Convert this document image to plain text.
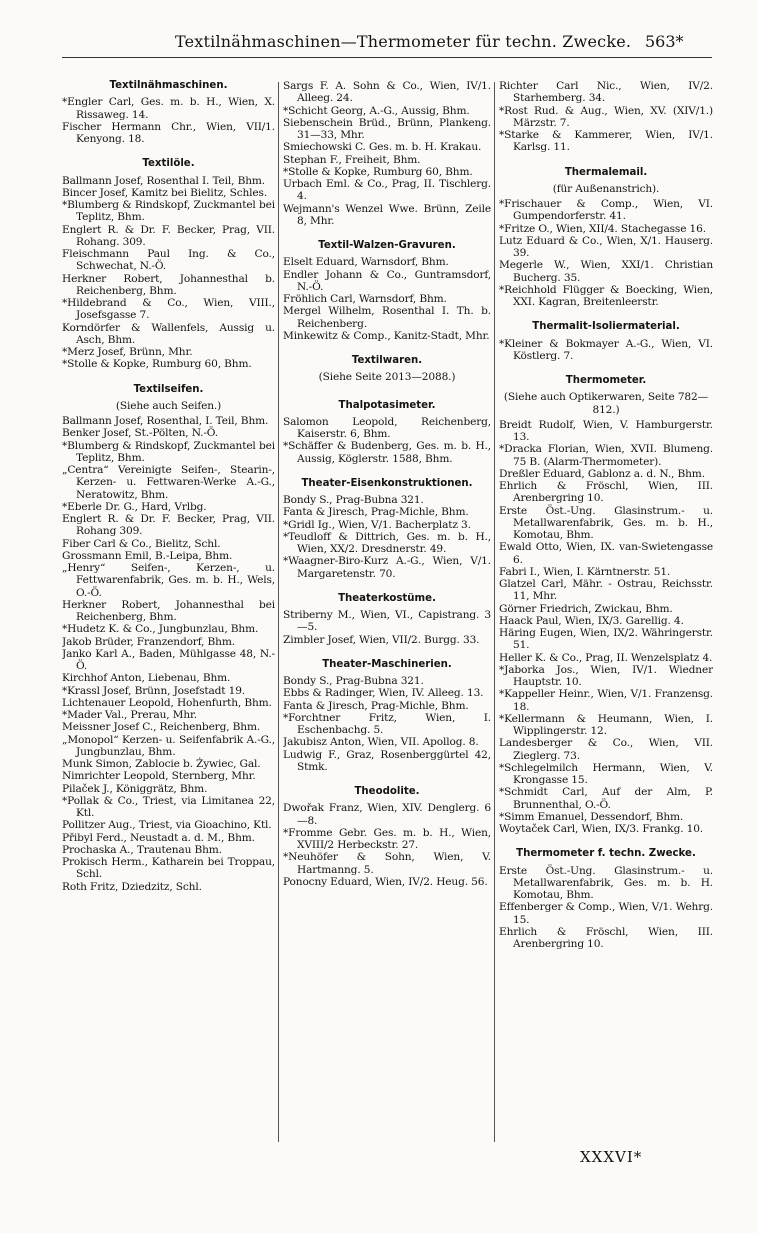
Textilnähmaschinen—Thermometer für techn. Zwecke. 563*
Textilnähmaschinen.
*Engler Carl, Ges. m. b. H., Wien, X. Rissaweg. 14.
Fischer Hermann Chr., Wien, VII/1. Kenyong. 18.
Textilöle.
Ballmann Josef, Rosenthal I. Teil, Bhm.
Bincer Josef, Kamitz bei Bielitz, Schles.
*Blumberg & Rindskopf, Zuckmantel bei Teplitz, Bhm.
Englert R. & Dr. F. Becker, Prag, VII. Rohang. 309.
Fleischmann Paul Ing. & Co., Schwechat, N.-Ö.
Herkner Robert, Johannesthal b. Reichenberg, Bhm.
*Hildebrand & Co., Wien, VIII., Josefsgasse 7.
Korndörfer & Wallenfels, Aussig u. Asch, Bhm.
*Merz Josef, Brünn, Mhr.
*Stolle & Kopke, Rumburg 60, Bhm.
Textilseifen.
(Siehe auch Seifen.)
Ballmann Josef, Rosenthal, I. Teil, Bhm.
Benker Josef, St.-Pölten, N.-Ö.
*Blumberg & Rindskopf, Zuckmantel bei Teplitz, Bhm.
„Centra“ Vereinigte Seifen-, Stearin-, Kerzen- u. Fettwaren-Werke A.-G., Neratowitz, Bhm.
*Eberle Dr. G., Hard, Vrlbg.
Englert R. & Dr. F. Becker, Prag, VII. Rohang 309.
Fiber Carl & Co., Bielitz, Schl.
Grossmann Emil, B.-Leipa, Bhm.
„Henry“ Seifen-, Kerzen-, u. Fettwarenfabrik, Ges. m. b. H., Wels, O.-Ö.
Herkner Robert, Johannesthal bei Reichenberg, Bhm.
*Hudetz K. & Co., Jungbunzlau, Bhm.
Jakob Brüder, Franzendorf, Bhm.
Janko Karl A., Baden, Mühlgasse 48, N.-Ö.
Kirchhof Anton, Liebenau, Bhm.
*Krassl Josef, Brünn, Josefstadt 19.
Lichtenauer Leopold, Hohenfurth, Bhm.
*Mader Val., Prerau, Mhr.
Meissner Josef C., Reichenberg, Bhm.
„Monopol“ Kerzen- u. Seifenfabrik A.-G., Jungbunzlau, Bhm.
Munk Simon, Zablocie b. Żywiec, Gal.
Nimrichter Leopold, Sternberg, Mhr.
Pilaček J., Königgrätz, Bhm.
*Pollak & Co., Triest, via Limitanea 22, Ktl.
Pollitzer Aug., Triest, via Gioachino, Ktl.
Přibyl Ferd., Neustadt a. d. M., Bhm.
Prochaska A., Trautenau Bhm.
Prokisch Herm., Katharein bei Troppau, Schl.
Roth Fritz, Dziedzitz, Schl.
Sargs F. A. Sohn & Co., Wien, IV/1. Alleeg. 24.
*Schicht Georg, A.-G., Aussig, Bhm.
Siebenschein Brüd., Brünn, Plankeng. 31—33, Mhr.
Smiechowski C. Ges. m. b. H. Krakau.
Stephan F., Freiheit, Bhm.
*Stolle & Kopke, Rumburg 60, Bhm.
Urbach Eml. & Co., Prag, II. Tischlerg. 4.
Wejmann's Wenzel Wwe. Brünn, Zeile 8, Mhr.
Textil-Walzen-Gravuren.
Elselt Eduard, Warnsdorf, Bhm.
Endler Johann & Co., Guntramsdorf, N.-Ö.
Fröhlich Carl, Warnsdorf, Bhm.
Mergel Wilhelm, Rosenthal I. Th. b. Reichenberg.
Minkewitz & Comp., Kanitz-Stadt, Mhr.
Textilwaren.
(Siehe Seite 2013—2088.)
Thalpotasimeter.
Salomon Leopold, Reichenberg, Kaiserstr. 6, Bhm.
*Schäffer & Budenberg, Ges. m. b. H., Aussig, Köglerstr. 1588, Bhm.
Theater-Eisenkonstruktionen.
Bondy S., Prag-Bubna 321.
Fanta & Jiresch, Prag-Michle, Bhm.
*Gridl Ig., Wien, V/1. Bacherplatz 3.
*Teudloff & Dittrich, Ges. m. b. H., Wien, XX/2. Dresdnerstr. 49.
*Waagner-Biro-Kurz A.-G., Wien, V/1. Margaretenstr. 70.
Theaterkostüme.
Striberny M., Wien, VI., Capistrang. 3—5.
Zimbler Josef, Wien, VII/2. Burgg. 33.
Theater-Maschinerien.
Bondy S., Prag-Bubna 321.
Ebbs & Radinger, Wien, IV. Alleeg. 13.
Fanta & Jiresch, Prag-Michle, Bhm.
*Forchtner Fritz, Wien, I. Eschenbachg. 5.
Jakubisz Anton, Wien, VII. Apollog. 8.
Ludwig F., Graz, Rosenberggürtel 42, Stmk.
Theodolite.
Dwořak Franz, Wien, XIV. Denglerg. 6—8.
*Fromme Gebr. Ges. m. b. H., Wien, XVIII/2 Herbeckstr. 27.
*Neuhöfer & Sohn, Wien, V. Hartmanng. 5.
Ponocny Eduard, Wien, IV/2. Heug. 56.
Richter Carl Nic., Wien, IV/2. Starhemberg. 34.
*Rost Rud. & Aug., Wien, XV. (XIV/1.) Märzstr. 7.
*Starke & Kammerer, Wien, IV/1. Karlsg. 11.
Thermalemail.
(für Außenanstrich).
*Frischauer & Comp., Wien, VI. Gumpendorferstr. 41.
*Fritze O., Wien, XII/4. Stachegasse 16.
Lutz Eduard & Co., Wien, X/1. Hauserg. 39.
Megerle W., Wien, XXI/1. Christian Bucherg. 35.
*Reichhold Flügger & Boecking, Wien, XXI. Kagran, Breitenleerstr.
Thermalit-Isoliermaterial.
*Kleiner & Bokmayer A.-G., Wien, VI. Köstlerg. 7.
Thermometer.
(Siehe auch Optikerwaren, Seite 782—812.)
Breidt Rudolf, Wien, V. Hamburgerstr. 13.
*Dracka Florian, Wien, XVII. Blumeng. 75 B. (Alarm-Thermometer).
Dreßler Eduard, Gablonz a. d. N., Bhm.
Ehrlich & Fröschl, Wien, III. Arenbergring 10.
Erste Öst.-Ung. Glasinstrum.- u. Metallwarenfabrik, Ges. m. b. H., Komotau, Bhm.
Ewald Otto, Wien, IX. van-Swietengasse 6.
Fabri I., Wien, I. Kärntnerstr. 51.
Glatzel Carl, Mähr. - Ostrau, Reichsstr. 11, Mhr.
Görner Friedrich, Zwickau, Bhm.
Haack Paul, Wien, IX/3. Garellig. 4.
Häring Eugen, Wien, IX/2. Währingerstr. 51.
Heller K. & Co., Prag, II. Wenzelsplatz 4.
*Jaborka Jos., Wien, IV/1. Wiedner Hauptstr. 10.
*Kappeller Heinr., Wien, V/1. Franzensg. 18.
*Kellermann & Heumann, Wien, I. Wipplingerstr. 12.
Landesberger & Co., Wien, VII. Zieglerg. 73.
*Schlegelmilch Hermann, Wien, V. Krongasse 15.
*Schmidt Carl, Auf der Alm, P. Brunnenthal, O.-Ö.
*Simm Emanuel, Dessendorf, Bhm.
Woytaček Carl, Wien, IX/3. Frankg. 10.
Thermometer f. techn. Zwecke.
Erste Öst.-Ung. Glasinstrum.- u. Metallwarenfabrik, Ges. m. b. H. Komotau, Bhm.
Effenberger & Comp., Wien, V/1. Wehrg. 15.
Ehrlich & Fröschl, Wien, III. Arenbergring 10.
XXXVI*
